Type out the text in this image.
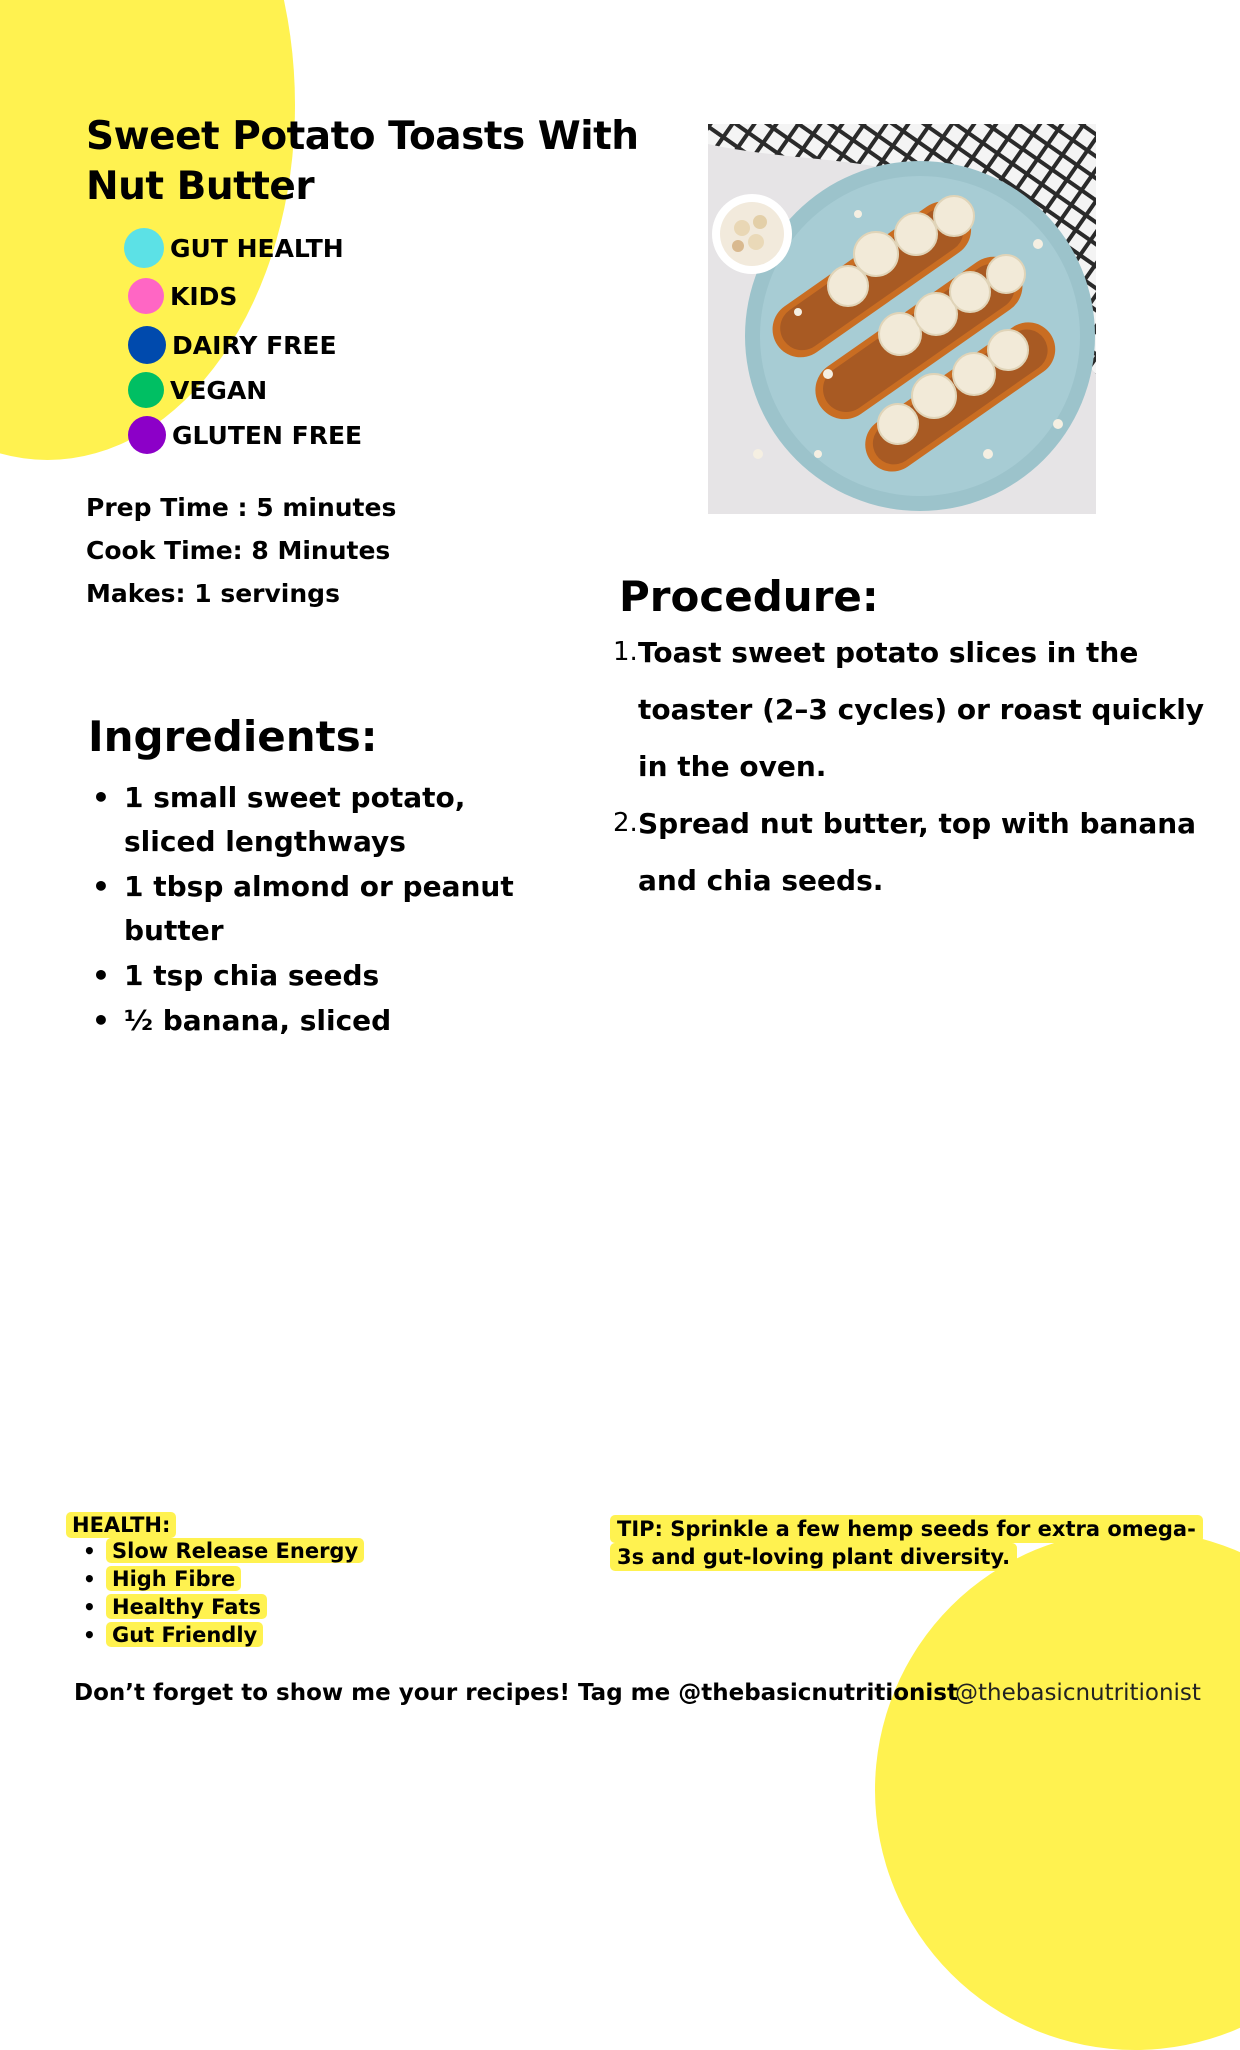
Sweet Potato Toasts With Nut Butter
GUT HEALTH
KIDS
DAIRY FREE
VEGAN
GLUTEN FREE
Prep Time : 5 minutes
Cook Time: 8 Minutes
Makes: 1 servings
Ingredients:
• 1 small sweet potato, sliced lengthways
• 1 tbsp almond or peanut butter
• 1 tsp chia seeds
• ½ banana, sliced
Procedure:
1. Toast sweet potato slices in the toaster (2–3 cycles) or roast quickly in the oven.
2. Spread nut butter, top with banana and chia seeds.
HEALTH:
• Slow Release Energy
• High Fibre
• Healthy Fats
• Gut Friendly
TIP: Sprinkle a few hemp seeds for extra omega-3s and gut-loving plant diversity.
Don’t forget to show me your recipes! Tag me @thebasicnutritionist
@thebasicnutritionist
